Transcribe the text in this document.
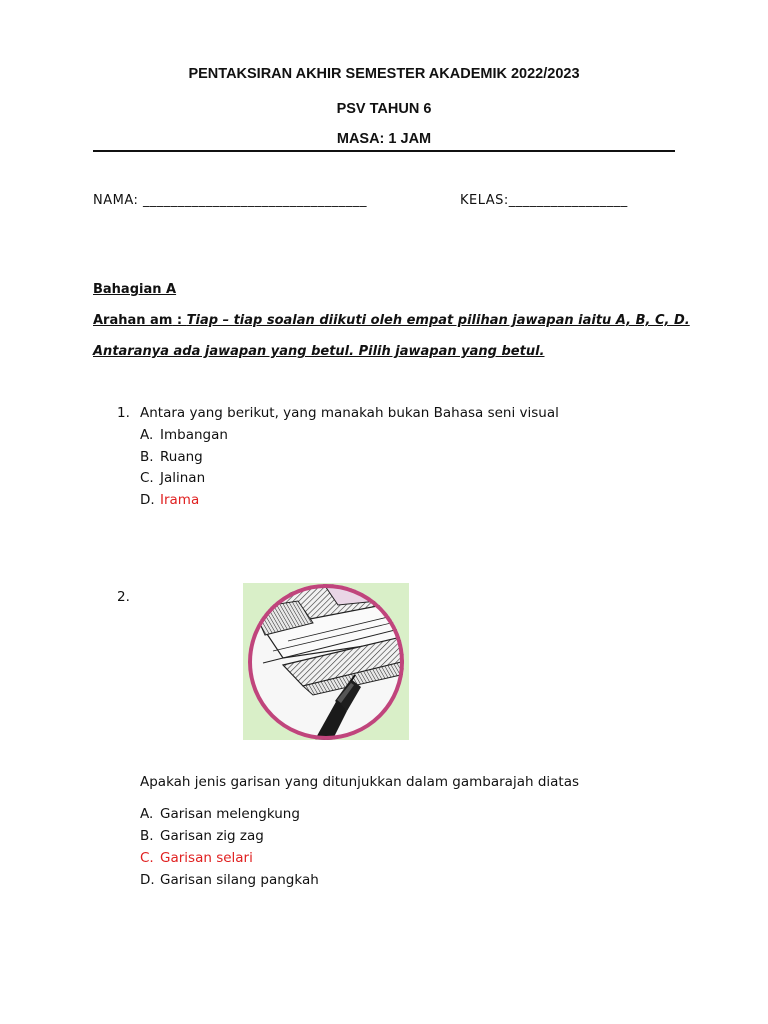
PENTAKSIRAN AKHIR SEMESTER AKADEMIK 2022/2023
PSV TAHUN 6
MASA: 1 JAM
NAMA: ________________________________	KELAS:_________________
Bahagian A
Arahan am : Tiap – tiap soalan diikuti oleh empat pilihan jawapan iaitu A, B, C, D.
Antaranya ada jawapan yang betul. Pilih jawapan yang betul.
1. Antara yang berikut, yang manakah bukan Bahasa seni visual
A. Imbangan
B. Ruang
C. Jalinan
D. Irama
2.
Apakah jenis garisan yang ditunjukkan dalam gambarajah diatas
A. Garisan melengkung
B. Garisan zig zag
C. Garisan selari
D. Garisan silang pangkah
